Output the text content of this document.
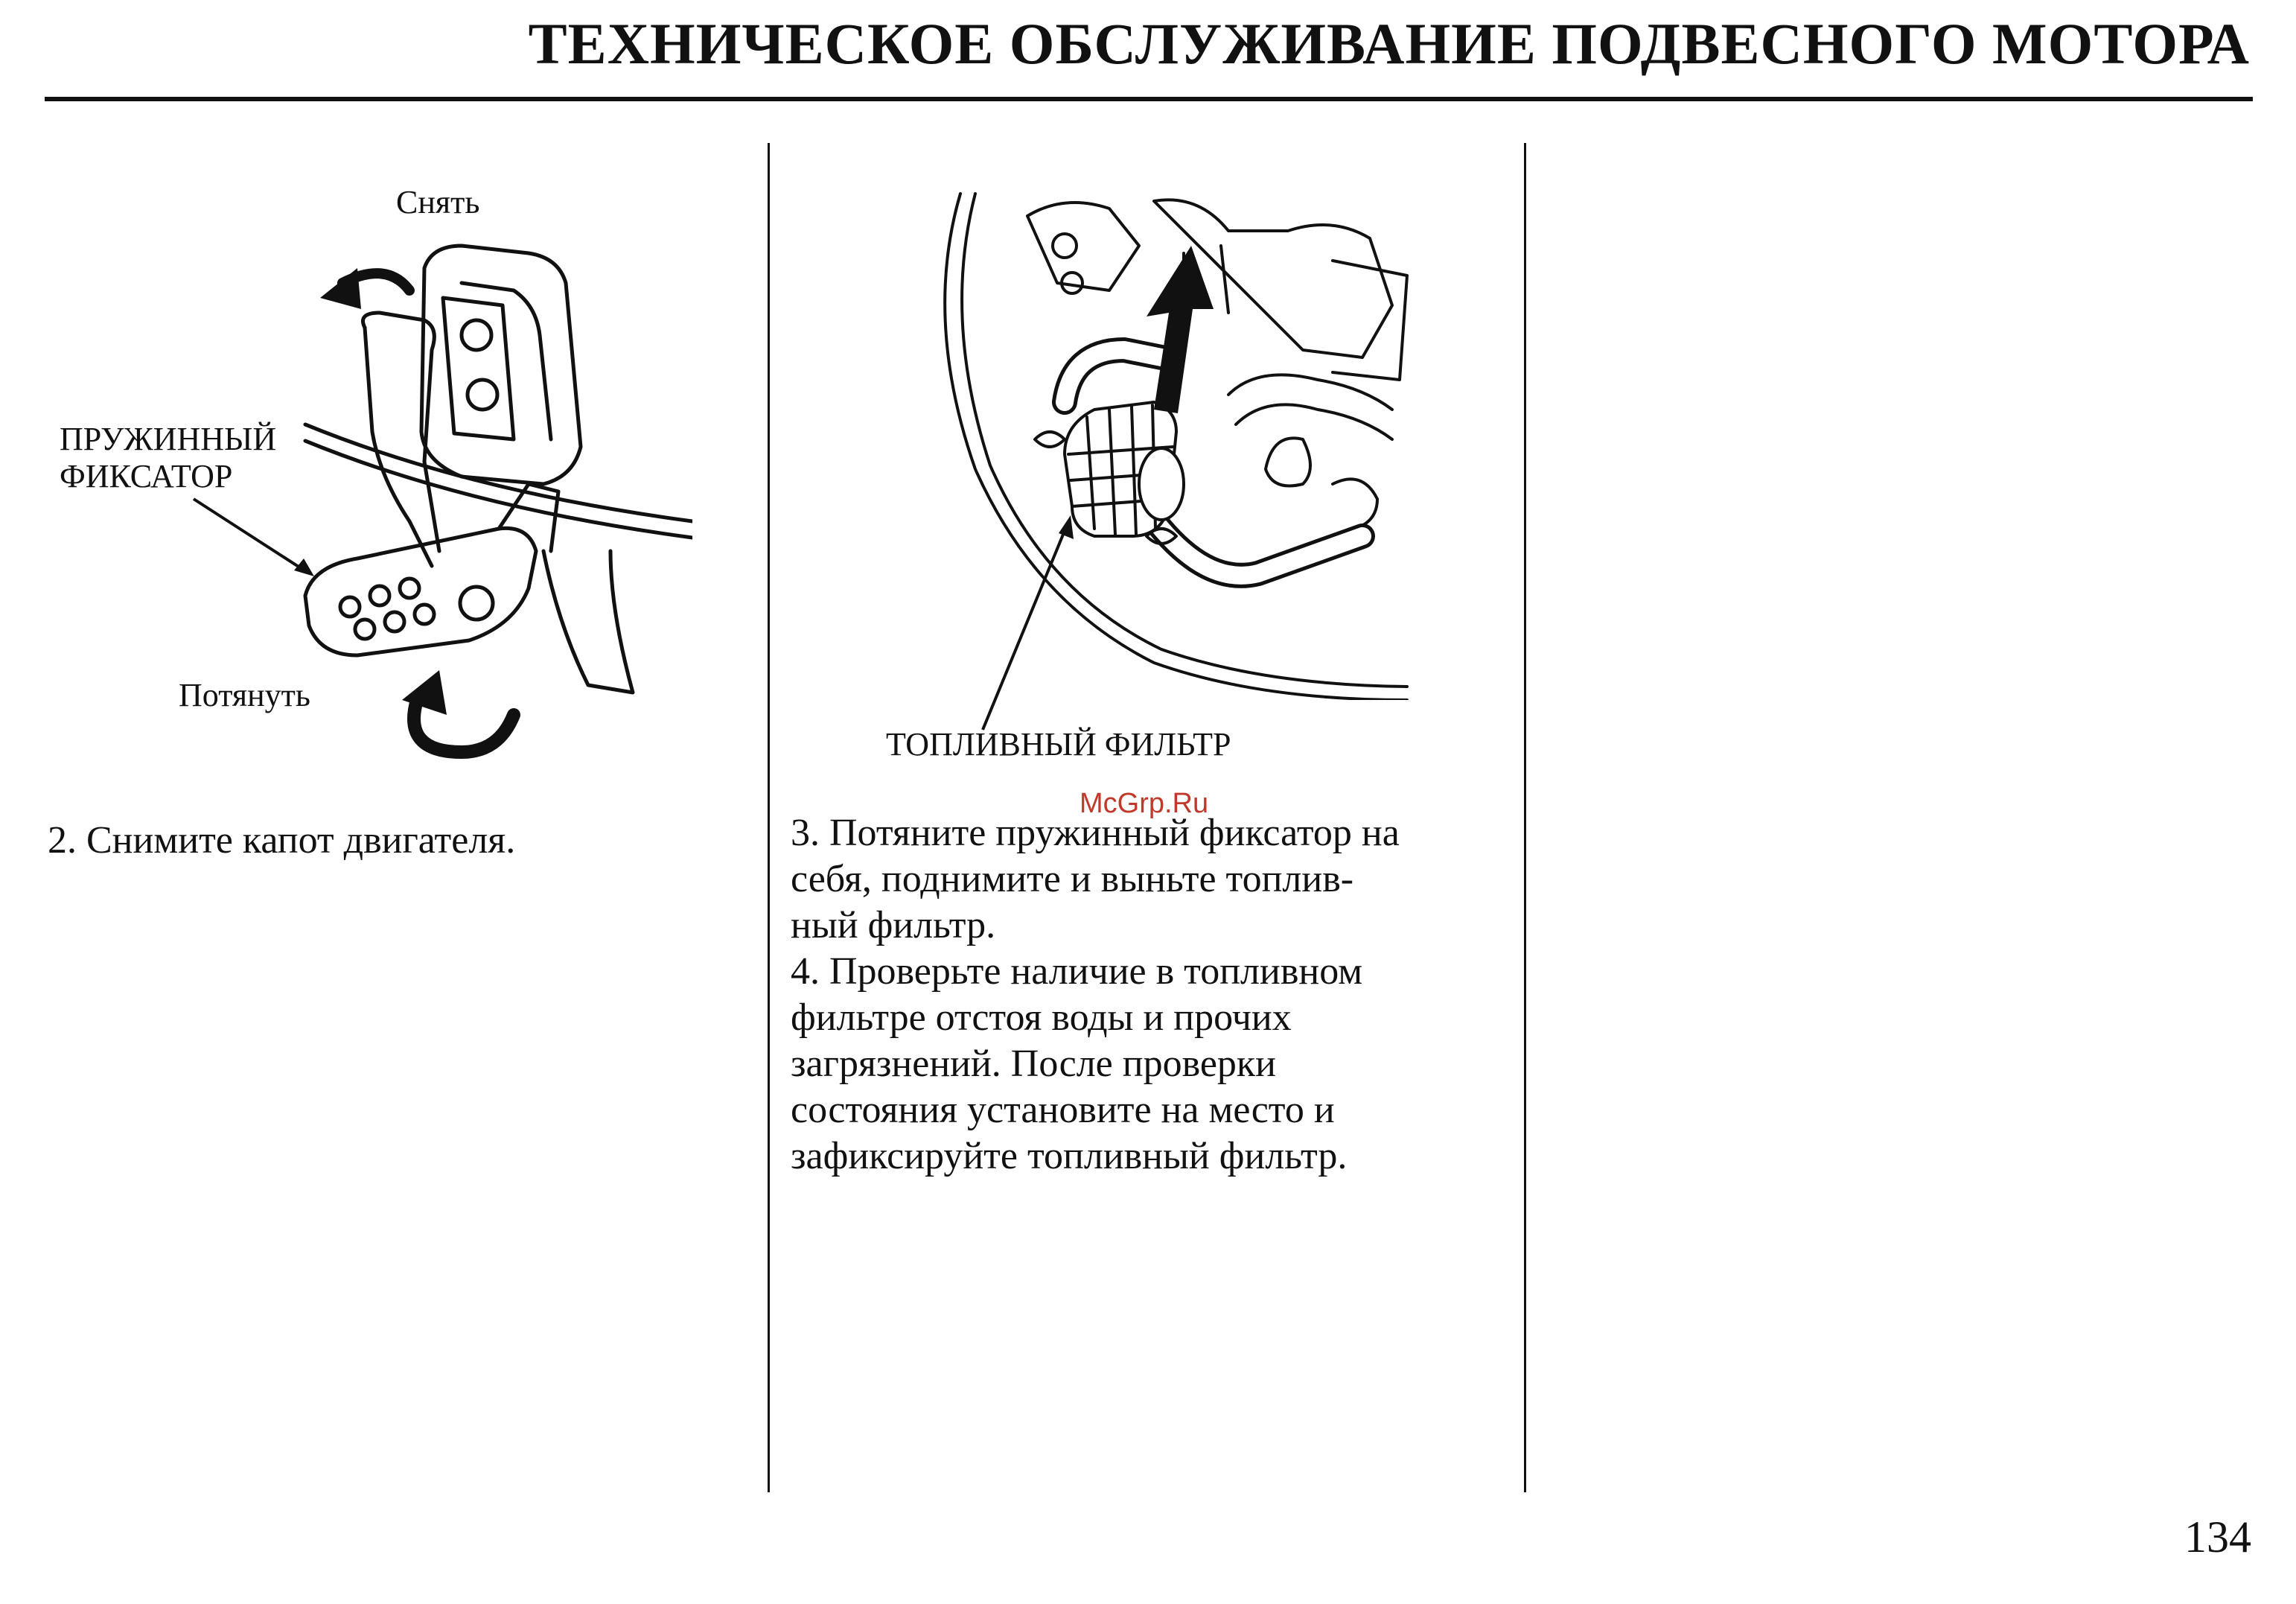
ТЕХНИЧЕСКОЕ ОБСЛУЖИВАНИЕ ПОДВЕСНОГО МОТОРА
Снять
ПРУЖИННЫЙ
ФИКСАТОР
Потянуть
ТОПЛИВНЫЙ ФИЛЬТР

2. Снимите капот двигателя.

McGrp.Ru

3. Потяните пружинный фиксатор на

себя, поднимите и выньте топлив-

ный фильтр.

4. Проверьте наличие в топливном

фильтре отстоя воды и прочих

загрязнений. После проверки

состояния установите на место и

зафиксируйте топливный фильтр.

134
